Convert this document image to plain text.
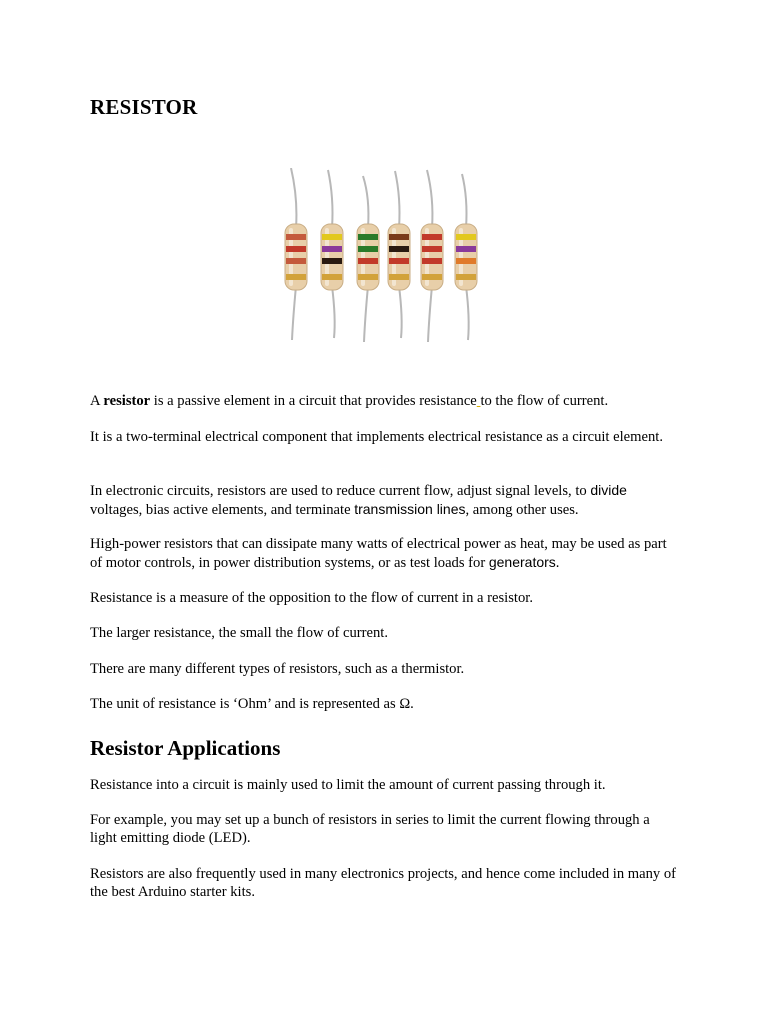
RESISTOR

A resistor is a passive element in a circuit that provides resistance to the flow of current.

It is a two-terminal electrical component that implements electrical resistance as a circuit element.

In electronic circuits, resistors are used to reduce current flow, adjust signal levels, to divide voltages, bias active elements, and terminate transmission lines, among other uses.

High-power resistors that can dissipate many watts of electrical power as heat, may be used as part of motor controls, in power distribution systems, or as test loads for generators.

Resistance is a measure of the opposition to the flow of current in a resistor.

The larger resistance, the small the flow of current.

There are many different types of resistors, such as a thermistor.

The unit of resistance is ‘Ohm’ and is represented as Ω.

Resistor Applications

Resistance into a circuit is mainly used to limit the amount of current passing through it.

For example, you may set up a bunch of resistors in series to limit the current flowing through a light emitting diode (LED).

Resistors are also frequently used in many electronics projects, and hence come included in many of the best Arduino starter kits.
